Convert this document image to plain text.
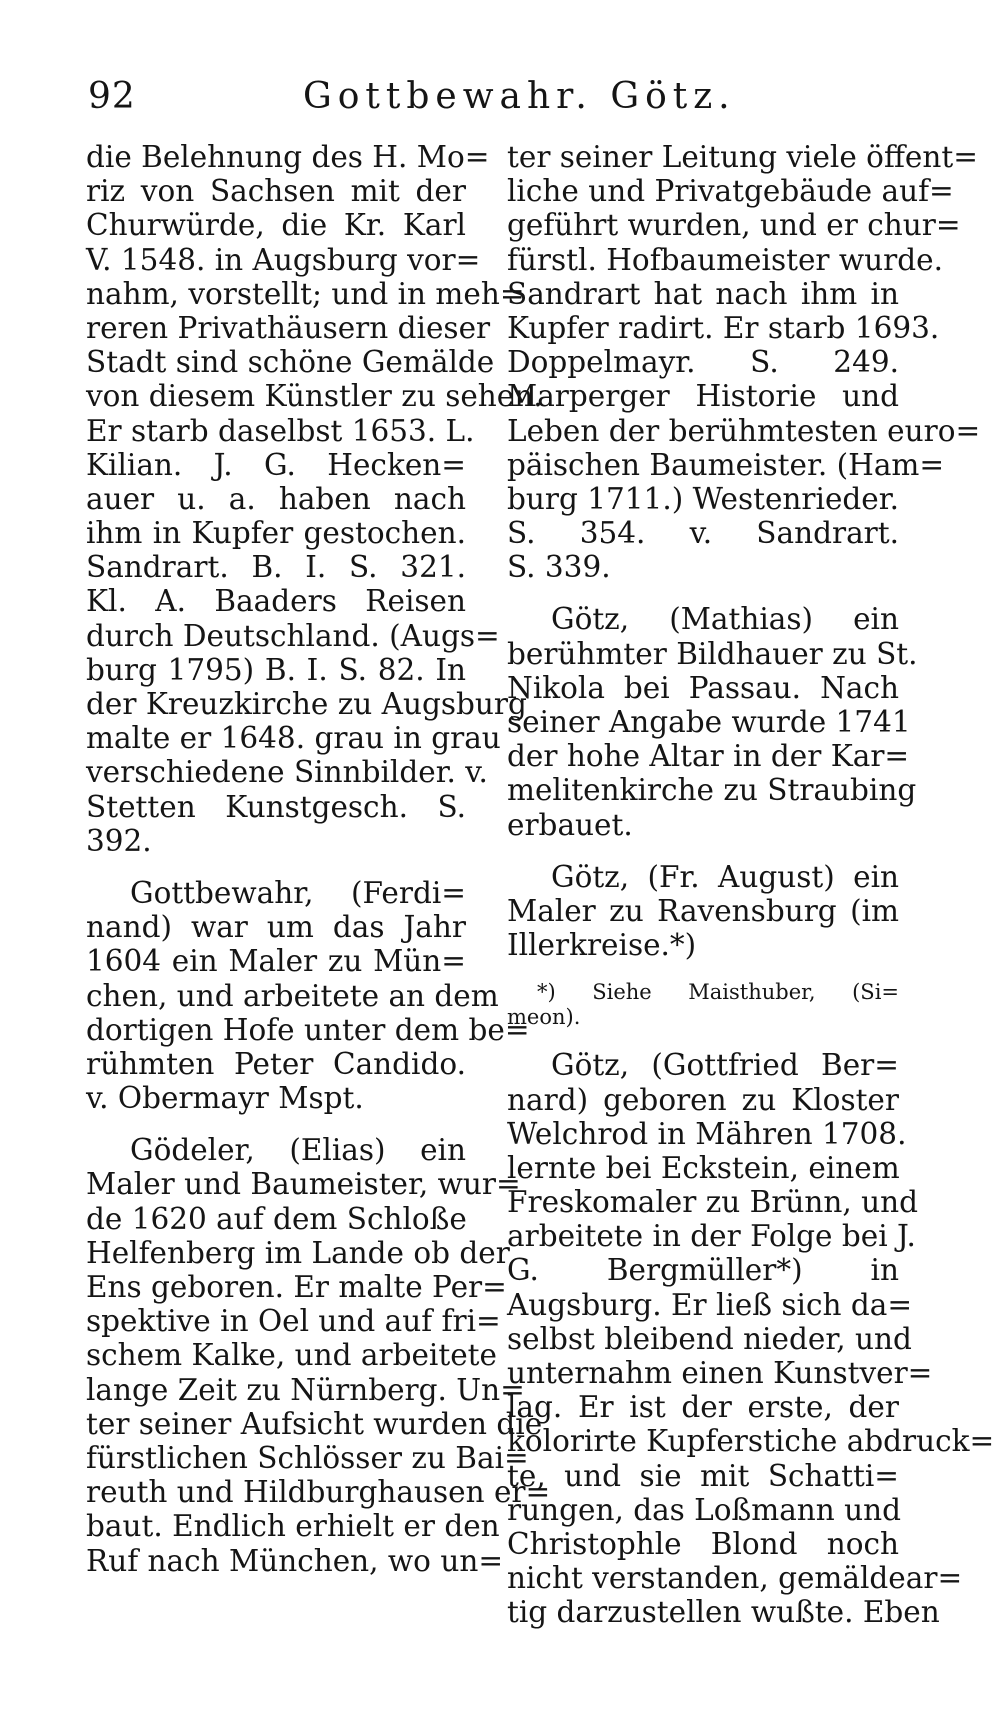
92	Gottbewahr. Götz.
die Belehnung des H. Mo=
riz von Sachsen mit der
Churwürde, die Kr. Karl
V. 1548. in Augsburg vor=
nahm, vorstellt; und in meh=
reren Privathäusern dieser
Stadt sind schöne Gemälde
von diesem Künstler zu sehen.
Er starb daselbst 1653. L.
Kilian. J. G. Hecken=
auer u. a. haben nach
ihm in Kupfer gestochen.
Sandrart. B. I. S. 321.
Kl. A. Baaders Reisen
durch Deutschland. (Augs=
burg 1795) B. I. S. 82. In
der Kreuzkirche zu Augsburg
malte er 1648. grau in grau
verschiedene Sinnbilder. v.
Stetten Kunstgesch. S.
392.
Gottbewahr, (Ferdi=
nand) war um das Jahr
1604 ein Maler zu Mün=
chen, und arbeitete an dem
dortigen Hofe unter dem be=
rühmten Peter Candido.
v. Obermayr Mspt.
Gödeler, (Elias) ein
Maler und Baumeister, wur=
de 1620 auf dem Schloße
Helfenberg im Lande ob der
Ens geboren. Er malte Per=
spektive in Oel und auf fri=
schem Kalke, und arbeitete
lange Zeit zu Nürnberg. Un=
ter seiner Aufsicht wurden die
fürstlichen Schlösser zu Bai=
reuth und Hildburghausen er=
baut. Endlich erhielt er den
Ruf nach München, wo un=
ter seiner Leitung viele öffent=
liche und Privatgebäude auf=
geführt wurden, und er chur=
fürstl. Hofbaumeister wurde.
Sandrart hat nach ihm in
Kupfer radirt. Er starb 1693.
Doppelmayr. S. 249.
Marperger Historie und
Leben der berühmtesten euro=
päischen Baumeister. (Ham=
burg 1711.) Westenrieder.
S. 354. v. Sandrart.
S. 339.
Götz, (Mathias) ein
berühmter Bildhauer zu St.
Nikola bei Passau. Nach
seiner Angabe wurde 1741
der hohe Altar in der Kar=
melitenkirche zu Straubing
erbauet.
Götz, (Fr. August) ein
Maler zu Ravensburg (im
Illerkreise.*)
*) Siehe Maisthuber, (Si=
meon).
Götz, (Gottfried Ber=
nard) geboren zu Kloster
Welchrod in Mähren 1708.
lernte bei Eckstein, einem
Freskomaler zu Brünn, und
arbeitete in der Folge bei J.
G. Bergmüller*) in
Augsburg. Er ließ sich da=
selbst bleibend nieder, und
unternahm einen Kunstver=
lag. Er ist der erste, der
kolorirte Kupferstiche abdruck=
te, und sie mit Schatti=
rungen, das Loßmann und
Christophle Blond noch
nicht verstanden, gemäldear=
tig darzustellen wußte. Eben
